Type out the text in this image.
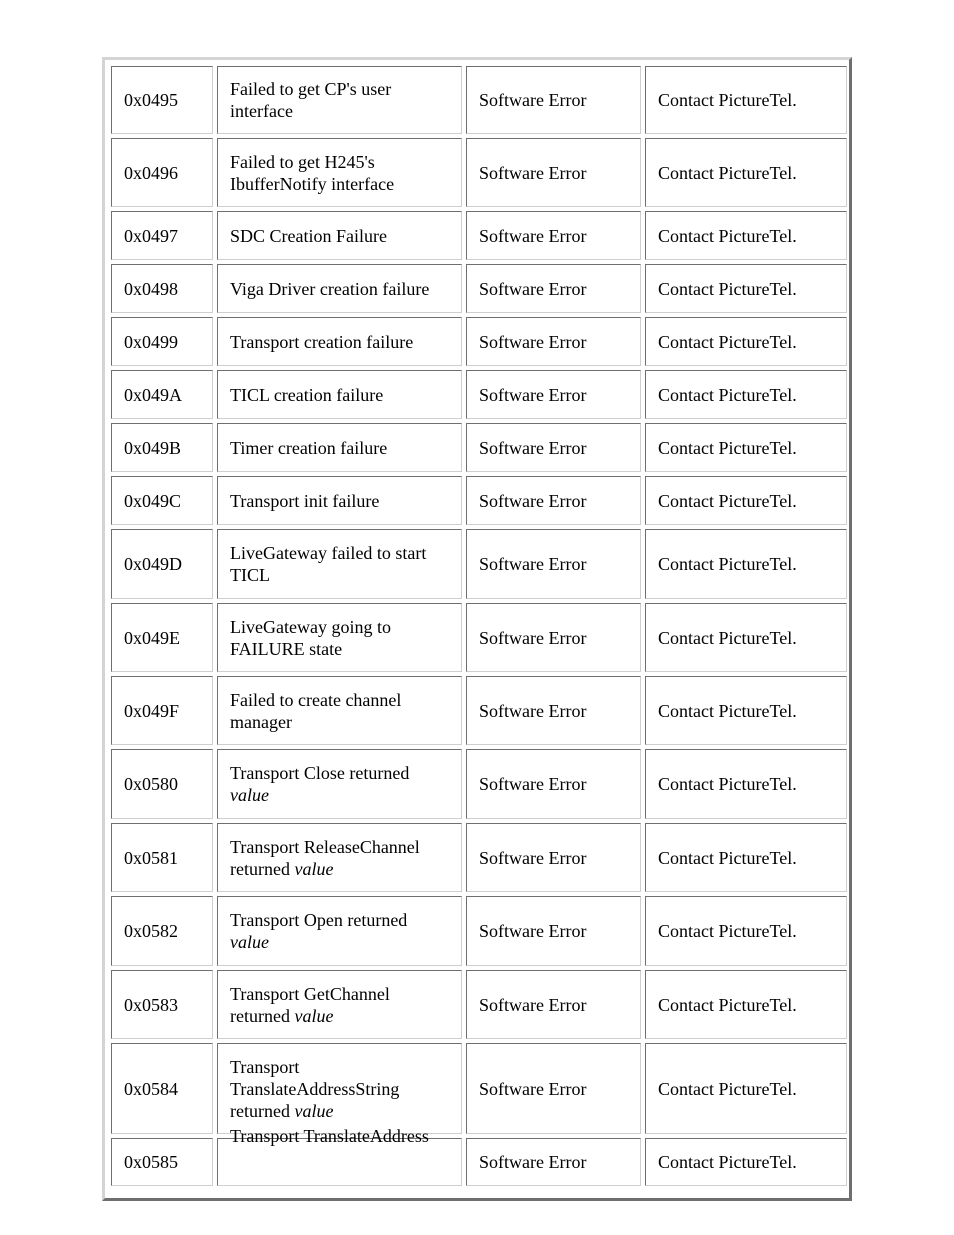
0x0495	Failed to get CP's user interface	Software Error	Contact PictureTel.
0x0496	Failed to get H245's IbufferNotify interface	Software Error	Contact PictureTel.
0x0497	SDC Creation Failure	Software Error	Contact PictureTel.
0x0498	Viga Driver creation failure	Software Error	Contact PictureTel.
0x0499	Transport creation failure	Software Error	Contact PictureTel.
0x049A	TICL creation failure	Software Error	Contact PictureTel.
0x049B	Timer creation failure	Software Error	Contact PictureTel.
0x049C	Transport init failure	Software Error	Contact PictureTel.
0x049D	LiveGateway failed to start TICL	Software Error	Contact PictureTel.
0x049E	LiveGateway going to FAILURE state	Software Error	Contact PictureTel.
0x049F	Failed to create channel manager	Software Error	Contact PictureTel.
0x0580	Transport Close returned value	Software Error	Contact PictureTel.
0x0581	Transport ReleaseChannel returned value	Software Error	Contact PictureTel.
0x0582	Transport Open returned value	Software Error	Contact PictureTel.
0x0583	Transport GetChannel returned value	Software Error	Contact PictureTel.
0x0584	Transport TranslateAddressString returned value	Software Error	Contact PictureTel.
0x0585	Transport TranslateAddress	Software Error	Contact PictureTel.
